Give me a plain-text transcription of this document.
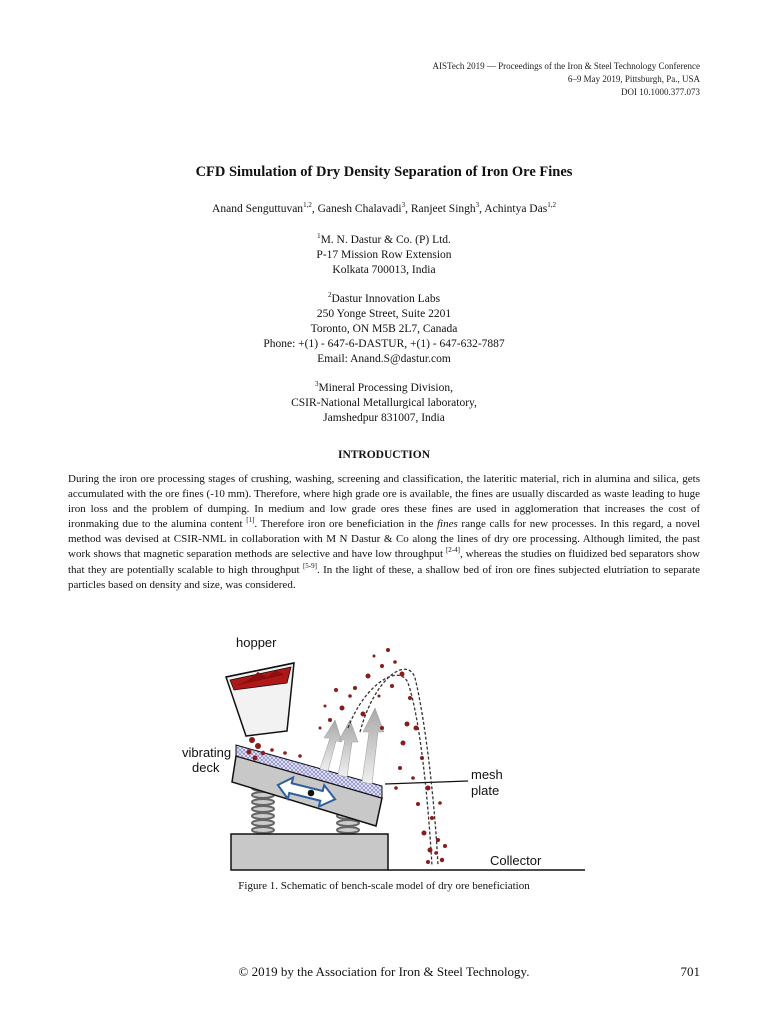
AISTech 2019 — Proceedings of the Iron & Steel Technology Conference
6–9 May 2019, Pittsburgh, Pa., USA
DOI 10.1000.377.073
CFD Simulation of Dry Density Separation of Iron Ore Fines
Anand Senguttuvan$^{1,2}$, Ganesh Chalavadi$^3$, Ranjeet Singh$^3$, Achintya Das$^{1,2}$
$^1$M. N. Dastur & Co. (P) Ltd.
P-17 Mission Row Extension
Kolkata 700013, India
$^2$Dastur Innovation Labs
250 Yonge Street, Suite 2201
Toronto, ON M5B 2L7, Canada
Phone: +(1) - 647-6-DASTUR, +(1) - 647-632-7887
Email: Anand.S@dastur.com
$^3$Mineral Processing Division,
CSIR-National Metallurgical laboratory,
Jamshedpur 831007, India
INTRODUCTION
During the iron ore processing stages of crushing, washing, screening and classification, the lateritic material, rich in alumina and silica, gets accumulated with the ore fines (-10 mm). Therefore, where high grade ore is available, the fines are usually discarded as waste leading to huge iron loss and the problem of dumping. In medium and low grade ores these fines are used in agglomeration that increases the cost of ironmaking due to the alumina content [1]. Therefore iron ore beneficiation in the fines range calls for new processes. In this regard, a novel method was devised at CSIR-NML in collaboration with M N Dastur & Co along the lines of dry ore processing. Although limited, the past work shows that magnetic separation methods are selective and have low throughput [2-4], whereas the studies on fluidized bed separators show that they are potentially scalable to high throughput [5-9]. In the light of these, a shallow bed of iron ore fines subjected elutriation to separate particles based on density and size, was considered.
hopper
vibrating
deck	mesh
plate
Collector
Figure 1. Schematic of bench-scale model of dry ore beneficiation
© 2019 by the Association for Iron & Steel Technology.	701
